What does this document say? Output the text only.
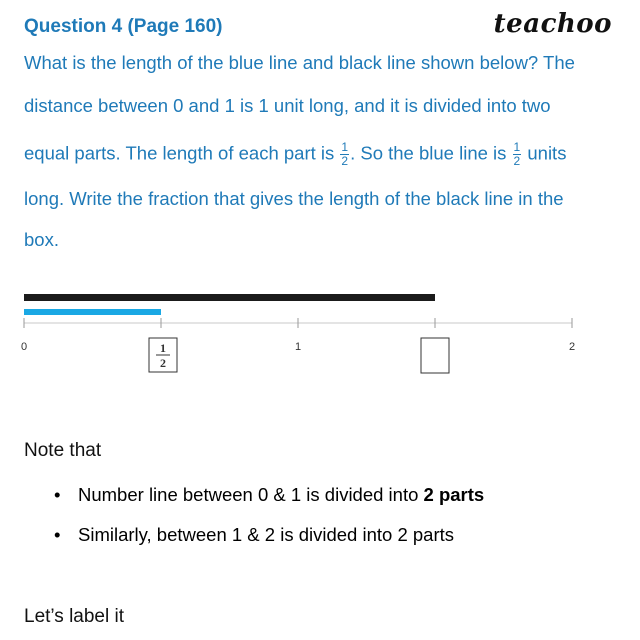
Question 4 (Page 160)	teachoo
What is the length of the blue line and black line shown below? The
distance between 0 and 1 is 1 unit long, and it is divided into two
equal parts. The length of each part is $\frac{1}{2}$ . So the blue line is $\frac{1}{2}$ units
long. Write the fraction that gives the length of the black line in the
box.
0	1	2
1
2
Note that
• Number line between 0 & 1 is divided into 2 parts
• Similarly, between 1 & 2 is divided into 2 parts
Let’s label it
